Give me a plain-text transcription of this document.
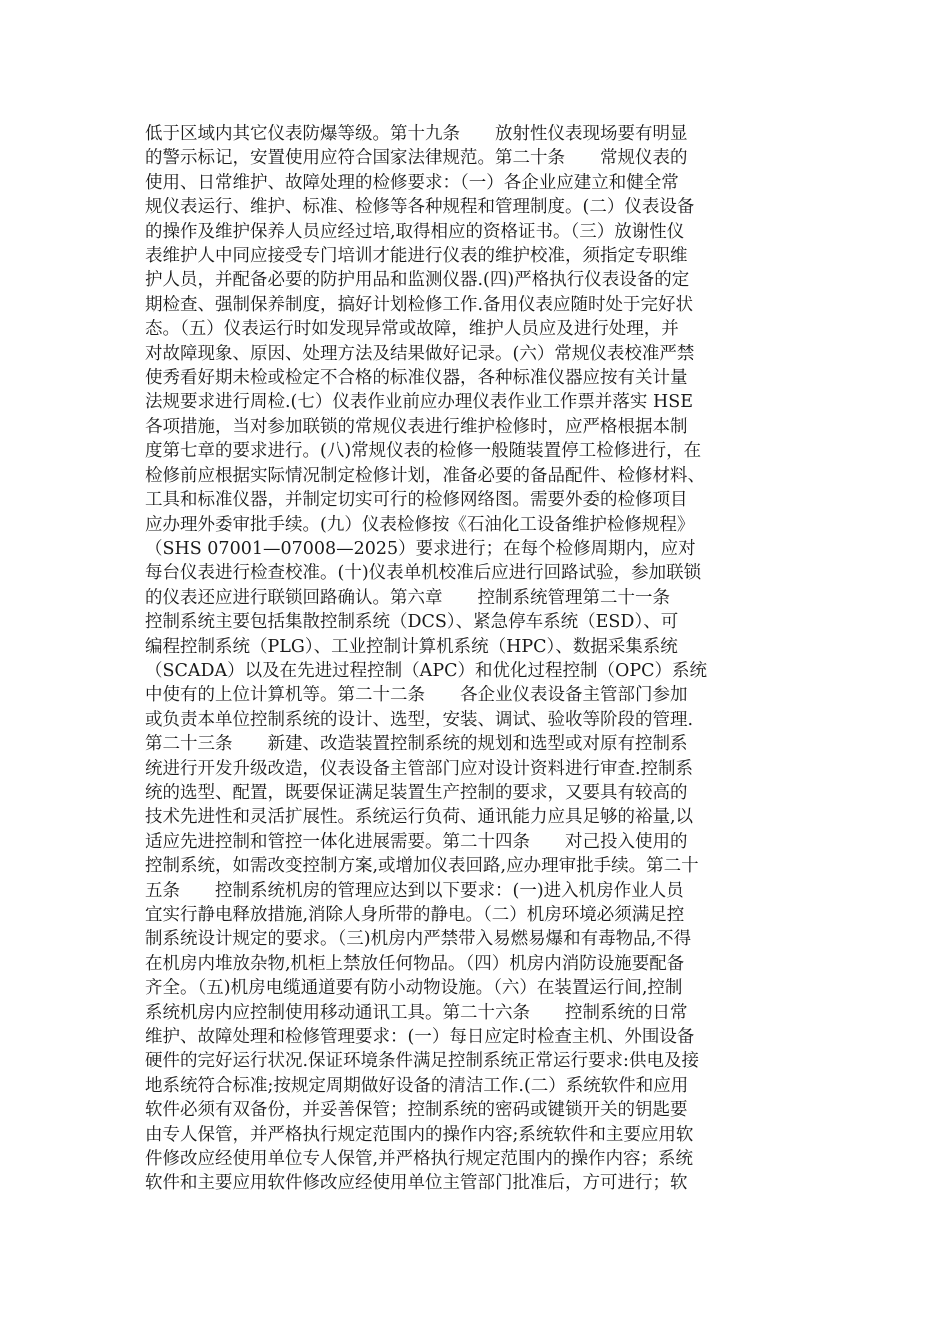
低于区域内其它仪表防爆等级。第十九条　　放射性仪表现场要有明显
的警示标记，安置使用应符合国家法律规范。第二十条　　常规仪表的
使用、日常维护、故障处理的检修要求：（一）各企业应建立和健全常
规仪表运行、维护、标准、检修等各种规程和管理制度。(二）仪表设备
的操作及维护保养人员应经过培,取得相应的资格证书。（三）放谢性仪
表维护人中同应接受专门培训才能进行仪表的维护校准，须指定专职维
护人员，并配备必要的防护用品和监测仪器.(四)严格执行仪表设备的定
期检查、强制保养制度，搞好计划检修工作.备用仪表应随时处于完好状
态。（五）仪表运行时如发现异常或故障，维护人员应及进行处理，并
对故障现象、原因、处理方法及结果做好记录。(六）常规仪表校准严禁
使秀看好期未检或检定不合格的标准仪器，各种标准仪器应按有关计量
法规要求进行周检.(七）仪表作业前应办理仪表作业工作票并落实 HSE
各项措施，当对参加联锁的常规仪表进行维护检修时，应严格根据本制
度第七章的要求进行。(八)常规仪表的检修一般随装置停工检修进行，在
检修前应根据实际情况制定检修计划，准备必要的备品配件、检修材料、
工具和标准仪器，并制定切实可行的检修网络图。需要外委的检修项目
应办理外委审批手续。(九）仪表检修按《石油化工设备维护检修规程》
（SHS 07001—07008—2025）要求进行；在每个检修周期内，应对
每台仪表进行检查校准。(十)仪表单机校准后应进行回路试验，参加联锁
的仪表还应进行联锁回路确认。第六章　　控制系统管理第二十一条　　
控制系统主要包括集散控制系统（DCS）、紧急停车系统（ESD）、可
编程控制系统（PLG）、工业控制计算机系统（HPC）、数据采集系统
（SCADA）以及在先进过程控制（APC）和优化过程控制（OPC）系统
中使有的上位计算机等。第二十二条　　各企业仪表设备主管部门参加
或负责本单位控制系统的设计、选型，安装、调试、验收等阶段的管理.
第二十三条　　新建、改造装置控制系统的规划和选型或对原有控制系
统进行开发升级改造，仪表设备主管部门应对设计资料进行审查.控制系
统的选型、配置，既要保证满足装置生产控制的要求，又要具有较高的
技术先进性和灵活扩展性。系统运行负荷、通讯能力应具足够的裕量,以
适应先进控制和管控一体化进展需要。第二十四条　　对己投入使用的
控制系统，如需改变控制方案,或增加仪表回路,应办理审批手续。第二十
五条　　控制系统机房的管理应达到以下要求：(一)进入机房作业人员
宜实行静电释放措施,消除人身所带的静电。（二）机房环境必须满足控
制系统设计规定的要求。（三)机房内严禁带入易燃易爆和有毒物品,不得
在机房内堆放杂物,机柜上禁放任何物品。（四）机房内消防设施要配备
齐全。（五)机房电缆通道要有防小动物设施。（六）在装置运行间,控制
系统机房内应控制使用移动通讯工具。第二十六条　　控制系统的日常
维护、故障处理和检修管理要求：(一）每日应定时检查主机、外围设备
硬件的完好运行状况.保证环境条件满足控制系统正常运行要求:供电及接
地系统符合标准;按规定周期做好设备的清洁工作.(二）系统软件和应用
软件必须有双备份，并妥善保管；控制系统的密码或键锁开关的钥匙要
由专人保管，并严格执行规定范围内的操作内容;系统软件和主要应用软
件修改应经使用单位专人保管,并严格执行规定范围内的操作内容；系统
软件和主要应用软件修改应经使用单位主管部门批准后，方可进行；软
